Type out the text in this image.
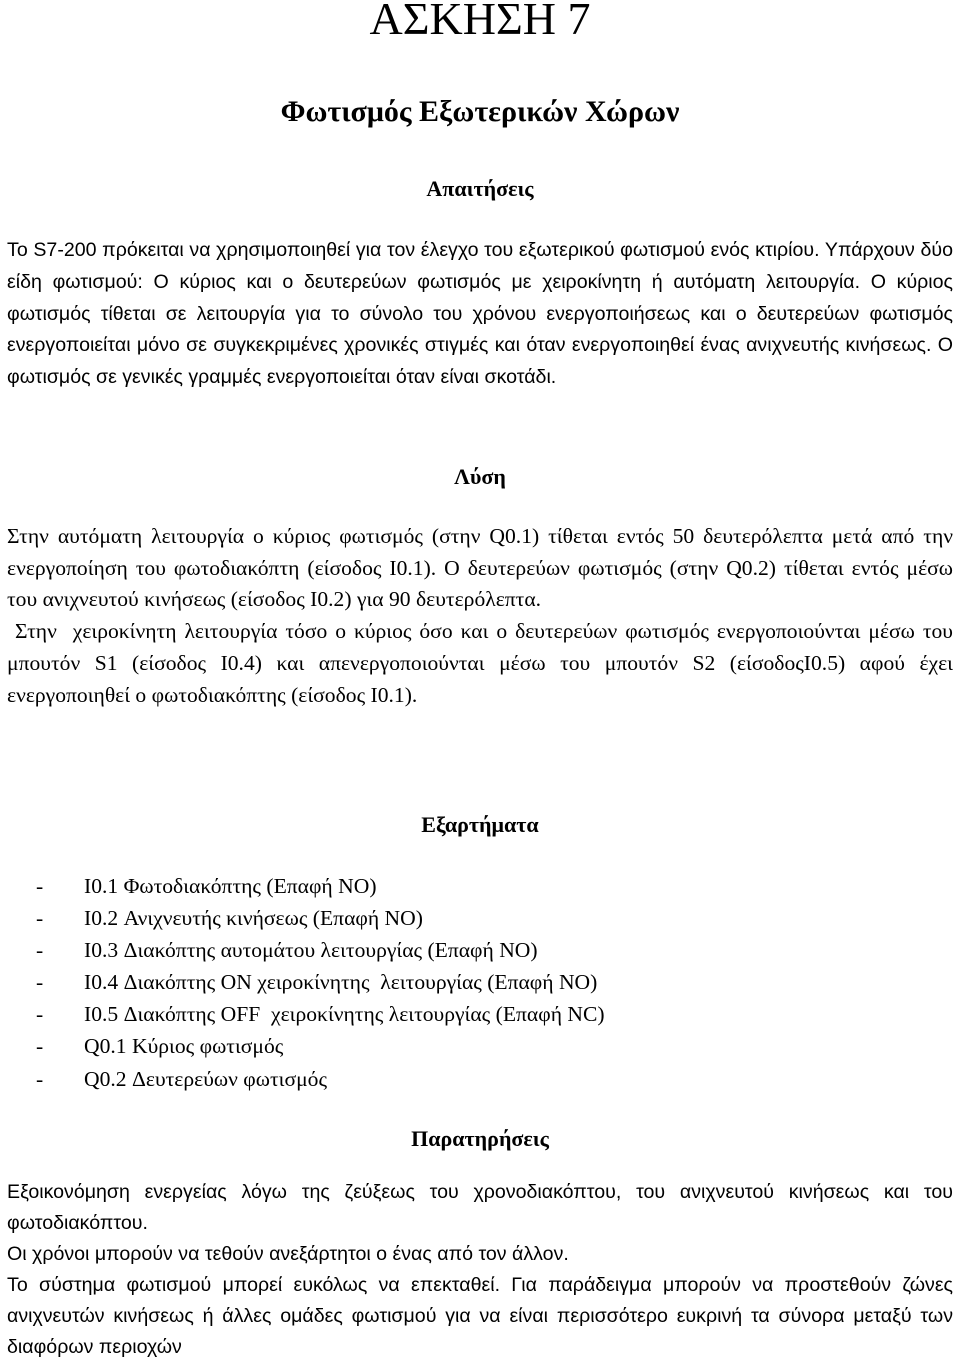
ΑΣΚΗΣΗ 7
Φωτισμός Εξωτερικών Χώρων
Απαιτήσεις

Το S7-200 πρόκειται να χρησιμοποιηθεί για τον έλεγχο του εξωτερικού φωτισμού ενός κτιρίου. Υπάρχουν δύο είδη φωτισμού: Ο κύριος και ο δευτερεύων φωτισμός με χειροκίνητη ή αυτόματη λειτουργία. Ο κύριος φωτισμός τίθεται σε λειτουργία για το σύνολο του χρόνου ενεργοποιήσεως και ο δευτερεύων φωτισμός ενεργοποιείται μόνο σε συγκεκριμένες χρονικές στιγμές και όταν ενεργοποιηθεί ένας ανιχνευτής κινήσεως. Ο φωτισμός σε γενικές γραμμές ενεργοποιείται όταν είναι σκοτάδι.

Λύση

Στην αυτόματη λειτουργία ο κύριος φωτισμός (στην Q0.1) τίθεται εντός 50 δευτερόλεπτα μετά από την ενεργοποίηση του φωτοδιακόπτη (είσοδος I0.1). Ο δευτερεύων φωτισμός (στην Q0.2) τίθεται εντός μέσω του ανιχνευτού κινήσεως (είσοδος I0.2) για 90 δευτερόλεπτα.

Στην  χειροκίνητη λειτουργία τόσο ο κύριος όσο και ο δευτερεύων φωτισμός ενεργοποιούνται μέσω του μπουτόν S1 (είσοδος I0.4) και απενεργοποιούνται μέσω του μπουτόν S2 (είσοδοςI0.5) αφού έχει ενεργοποιηθεί ο φωτοδιακόπτης (είσοδος I0.1).

Εξαρτήματα
- I0.1 Φωτοδιακόπτης (Επαφή NO)
- I0.2 Ανιχνευτής κινήσεως (Επαφή NO)
- I0.3 Διακόπτης αυτομάτου λειτουργίας (Επαφή NO)
- I0.4 Διακόπτης ON χειροκίνητης  λειτουργίας (Επαφή NO)
- I0.5 Διακόπτης OFF  χειροκίνητης λειτουργίας (Επαφή NC)
- Q0.1 Κύριος φωτισμός
- Q0.2 Δευτερεύων φωτισμός
Παρατηρήσεις

Εξοικονόμηση ενεργείας λόγω της ζεύξεως του χρονοδιακόπτου, του ανιχνευτού κινήσεως και του φωτοδιακόπτου.

Οι χρόνοι μπορούν να τεθούν ανεξάρτητοι ο ένας από τον άλλον.

Το σύστημα φωτισμού μπορεί ευκόλως να επεκταθεί. Για παράδειγμα μπορούν να προστεθούν ζώνες ανιχνευτών κινήσεως ή άλλες ομάδες φωτισμού για να είναι περισσότερο ευκρινή τα σύνορα μεταξύ των διαφόρων περιοχών
